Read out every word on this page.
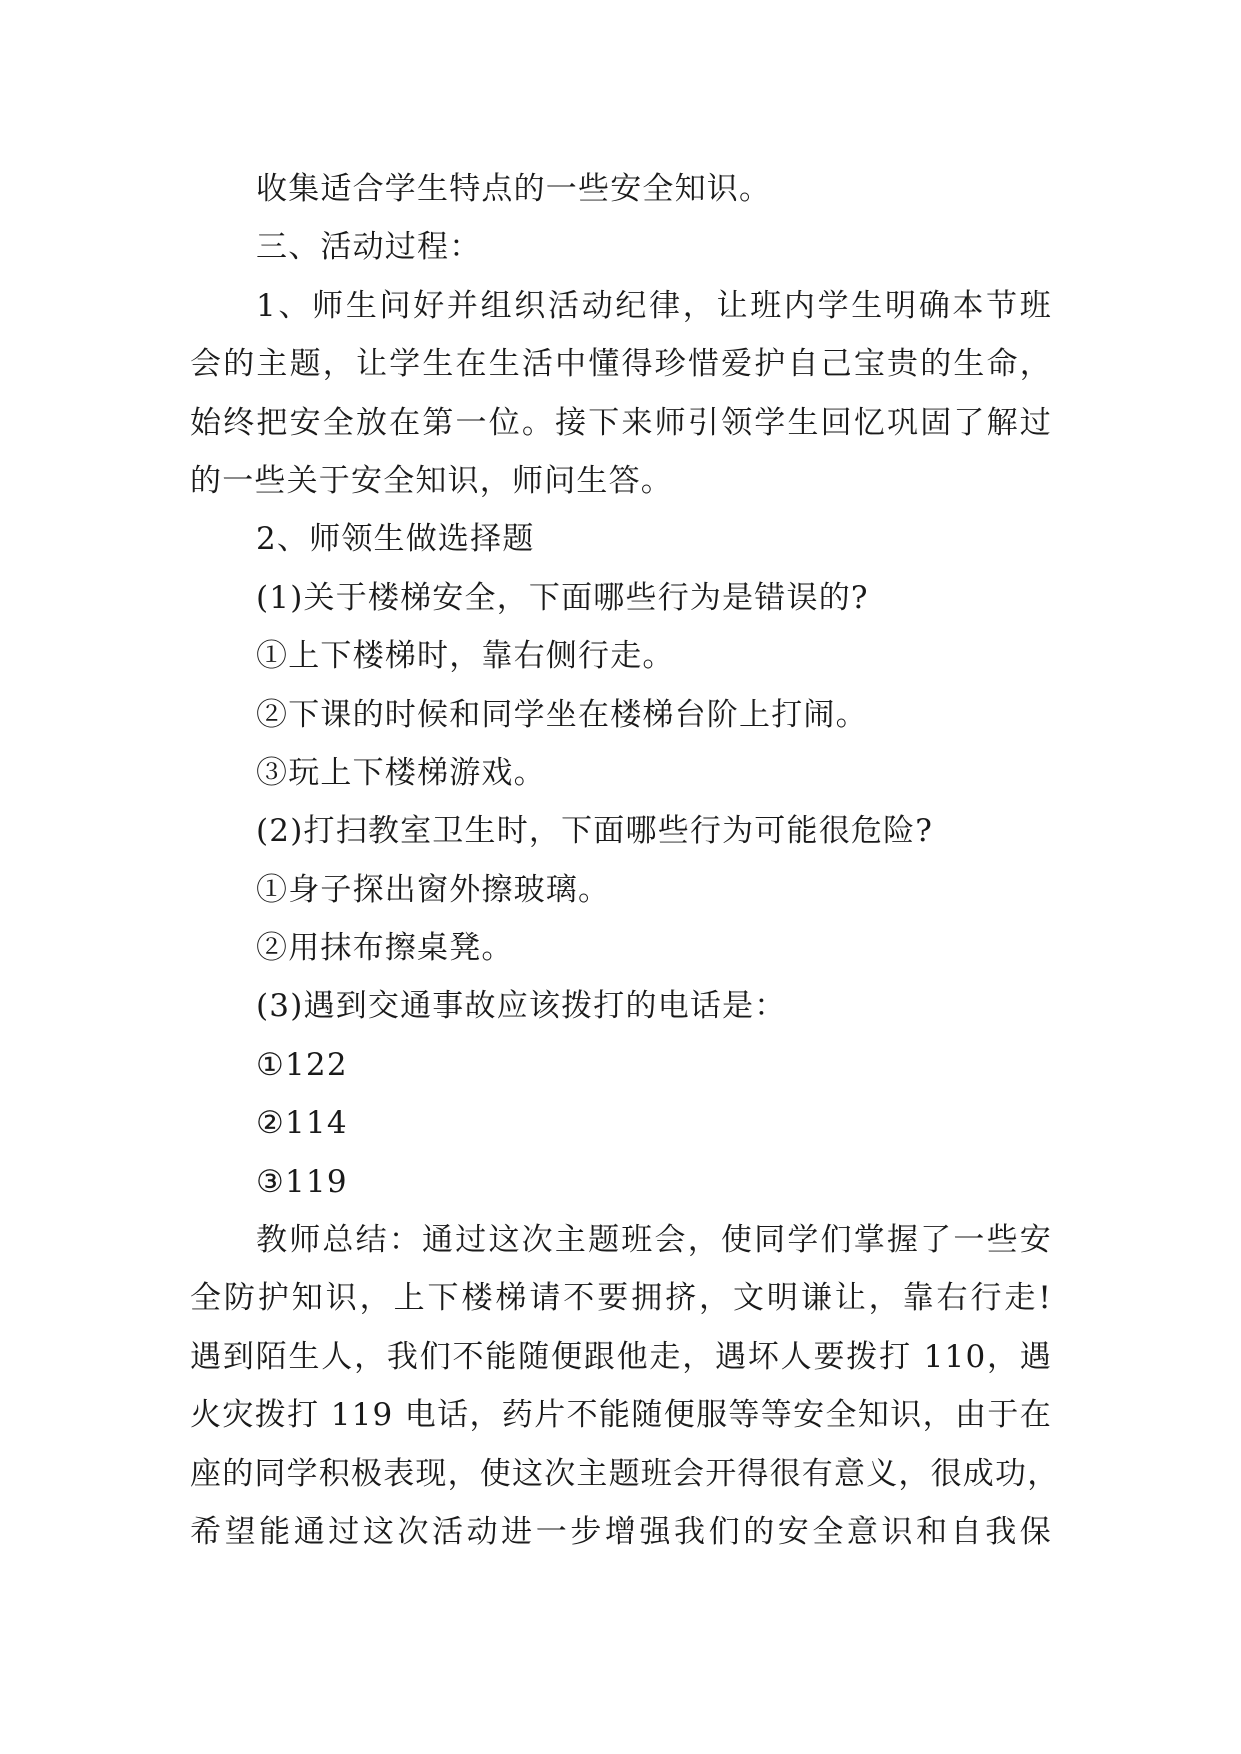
收集适合学生特点的一些安全知识。
三、活动过程：
1、师生问好并组织活动纪律，让班内学生明确本节班
会的主题，让学生在生活中懂得珍惜爱护自己宝贵的生命，
始终把安全放在第一位。接下来师引领学生回忆巩固了解过
的一些关于安全知识，师问生答。
2、师领生做选择题
(1)关于楼梯安全，下面哪些行为是错误的?
①上下楼梯时，靠右侧行走。
②下课的时候和同学坐在楼梯台阶上打闹。
③玩上下楼梯游戏。
(2)打扫教室卫生时，下面哪些行为可能很危险?
①身子探出窗外擦玻璃。
②用抹布擦桌凳。
(3)遇到交通事故应该拨打的电话是：
①122
②114
③119
教师总结：通过这次主题班会，使同学们掌握了一些安
全防护知识，上下楼梯请不要拥挤，文明谦让，靠右行走!
遇到陌生人，我们不能随便跟他走，遇坏人要拨打 110，遇
火灾拨打 119 电话，药片不能随便服等等安全知识，由于在
座的同学积极表现，使这次主题班会开得很有意义，很成功，
希望能通过这次活动进一步增强我们的安全意识和自我保
